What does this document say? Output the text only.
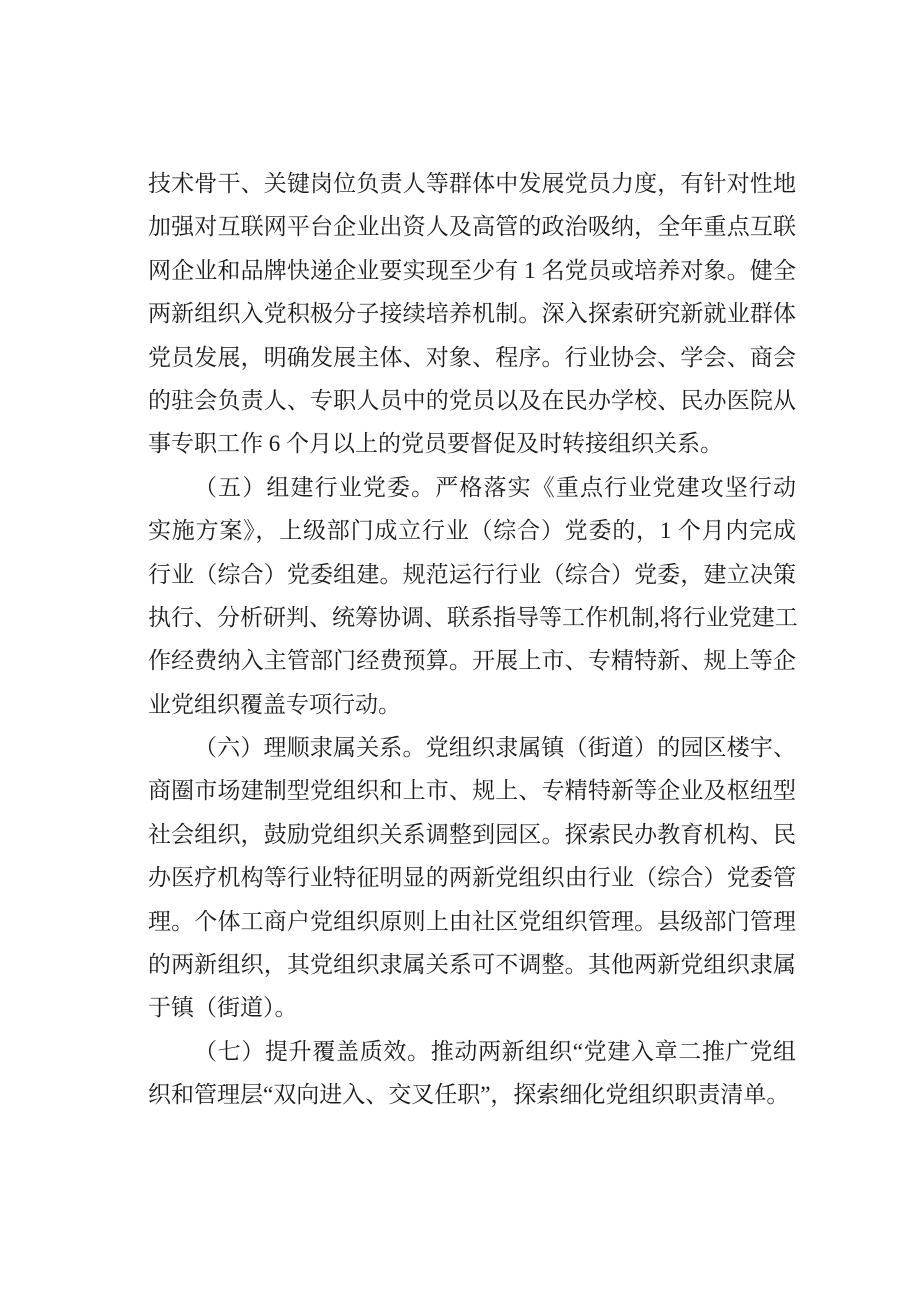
技术骨干、关键岗位负责人等群体中发展党员力度，有针对性地
加强对互联网平台企业出资人及高管的政治吸纳，全年重点互联
网企业和品牌快递企业要实现至少有 1 名党员或培养对象。健全
两新组织入党积极分子接续培养机制。深入探索研究新就业群体
党员发展，明确发展主体、对象、程序。行业协会、学会、商会
的驻会负责人、专职人员中的党员以及在民办学校、民办医院从
事专职工作 6 个月以上的党员要督促及时转接组织关系。
（五）组建行业党委。严格落实《重点行业党建攻坚行动
实施方案》，上级部门成立行业（综合）党委的，1 个月内完成
行业（综合）党委组建。规范运行行业（综合）党委，建立决策
执行、分析研判、统筹协调、联系指导等工作机制,将行业党建工
作经费纳入主管部门经费预算。开展上市、专精特新、规上等企
业党组织覆盖专项行动。
（六）理顺隶属关系。党组织隶属镇（街道）的园区楼宇、
商圈市场建制型党组织和上市、规上、专精特新等企业及枢纽型
社会组织，鼓励党组织关系调整到园区。探索民办教育机构、民
办医疗机构等行业特征明显的两新党组织由行业（综合）党委管
理。个体工商户党组织原则上由社区党组织管理。县级部门管理
的两新组织，其党组织隶属关系可不调整。其他两新党组织隶属
于镇（街道）。
（七）提升覆盖质效。推动两新组织“党建入章二推广党组
织和管理层“双向进入、交叉任职”，探索细化党组织职责清单。
